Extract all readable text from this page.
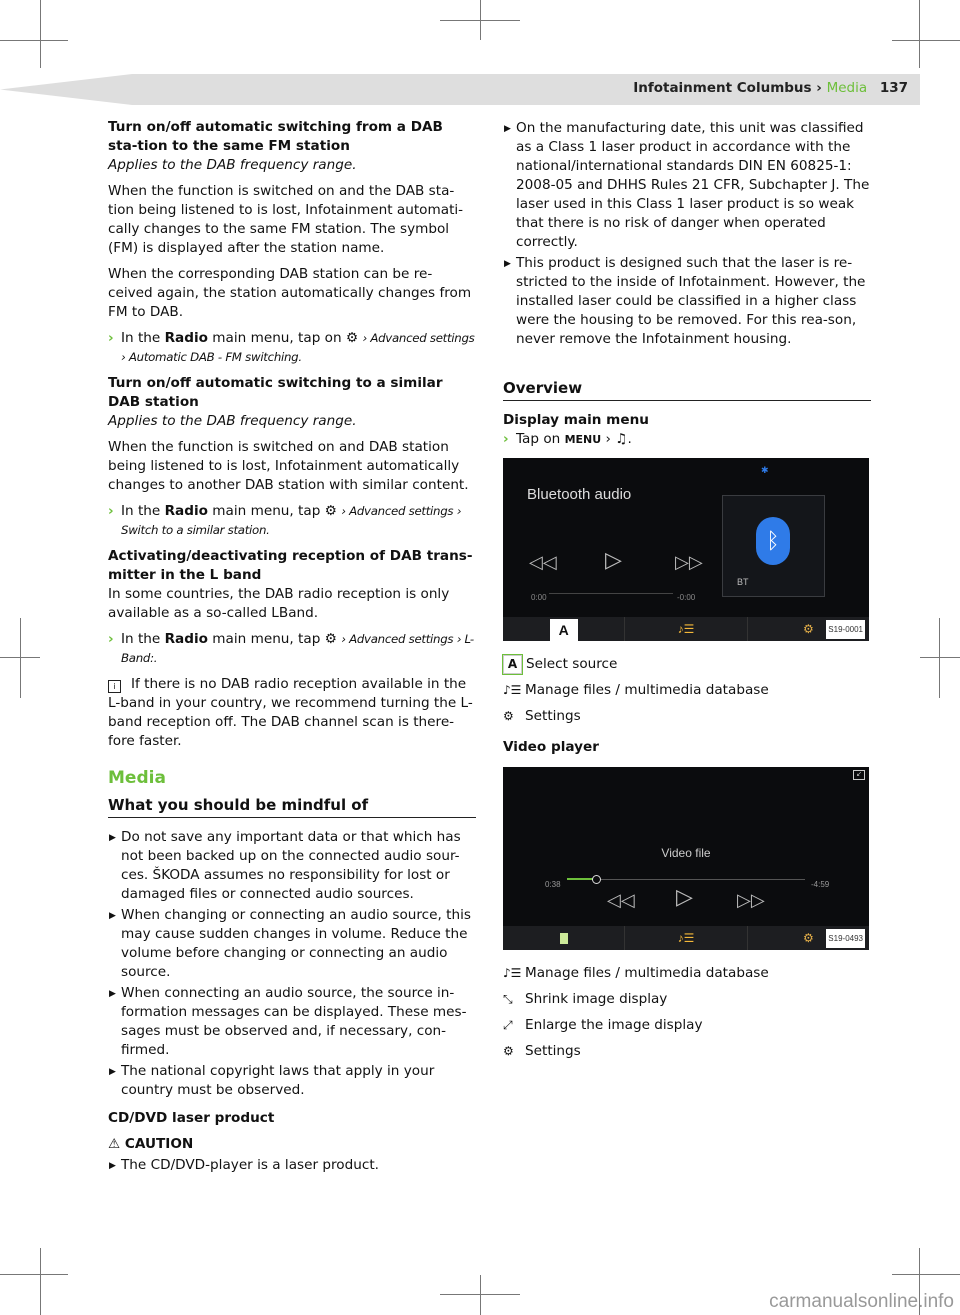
Infotainment Columbus › Media 137

Turn on/off automatic switching from a DAB sta-tion to the same FM station

Applies to the DAB frequency range.

When the function is switched on and the DAB sta-tion being listened to is lost, Infotainment automati-cally changes to the same FM station. The symbol (FM) is displayed after the station name.

When the corresponding DAB station can be re-ceived again, the station automatically changes from FM to DAB.

› In the Radio main menu, tap on ⚙ › Advanced settings › Automatic DAB - FM switching.

Turn on/off automatic switching to a similar DAB station

Applies to the DAB frequency range.

When the function is switched on and DAB station being listened to is lost, Infotainment automatically changes to another DAB station with similar content.

› In the Radio main menu, tap ⚙ › Advanced settings › Switch to a similar station.

Activating/deactivating reception of DAB trans-mitter in the L band

In some countries, the DAB radio reception is only available as a so-called LBand.

› In the Radio main menu, tap ⚙ › Advanced settings › L-Band:.

i If there is no DAB radio reception available in the L-band in your country, we recommend turning the L-band reception off. The DAB channel scan is there-fore faster.

Media
What you should be mindful of
▶ Do not save any important data or that which has not been backed up on the connected audio sour-ces. ŠKODA assumes no responsibility for lost or damaged files or connected audio sources.
▶ When changing or connecting an audio source, this may cause sudden changes in volume. Reduce the volume before changing or connecting an audio source.
▶ When connecting an audio source, the source in-formation messages can be displayed. These mes-sages must be observed and, if necessary, con-firmed.
▶ The national copyright laws that apply in your country must be observed.

CD/DVD laser product

⚠ CAUTION
▶ The CD/DVD-player is a laser product.
▶ On the manufacturing date, this unit was classified as a Class 1 laser product in accordance with the national/international standards DIN EN 60825-1: 2008-05 and DHHS Rules 21 CFR, Subchapter J. The laser used in this Class 1 laser product is so weak that there is no risk of danger when operated correctly.
▶ This product is designed such that the laser is re-stricted to the inside of Infotainment. However, the installed laser could be classified in a higher class were the housing to be removed. For this rea-son, never remove the Infotainment housing.
Overview

Display main menu

› Tap on MENU › ♫.
✱
Bluetooth audio
◁◁ ▷	▷▷
0:00	-0:00
ᛒ
BT
A	♪☰	⚙ S19-0001
A Select source
♪☰ Manage files / multimedia database
⚙ Settings

Video player

↙
Video file
0:38	-4:59
◁◁ ▷ ▷▷
♪☰	⚙ S19-0493
♪☰ Manage files / multimedia database
⤡ Shrink image display
⤢ Enlarge the image display
⚙ Settings
carmanualsonline.info
